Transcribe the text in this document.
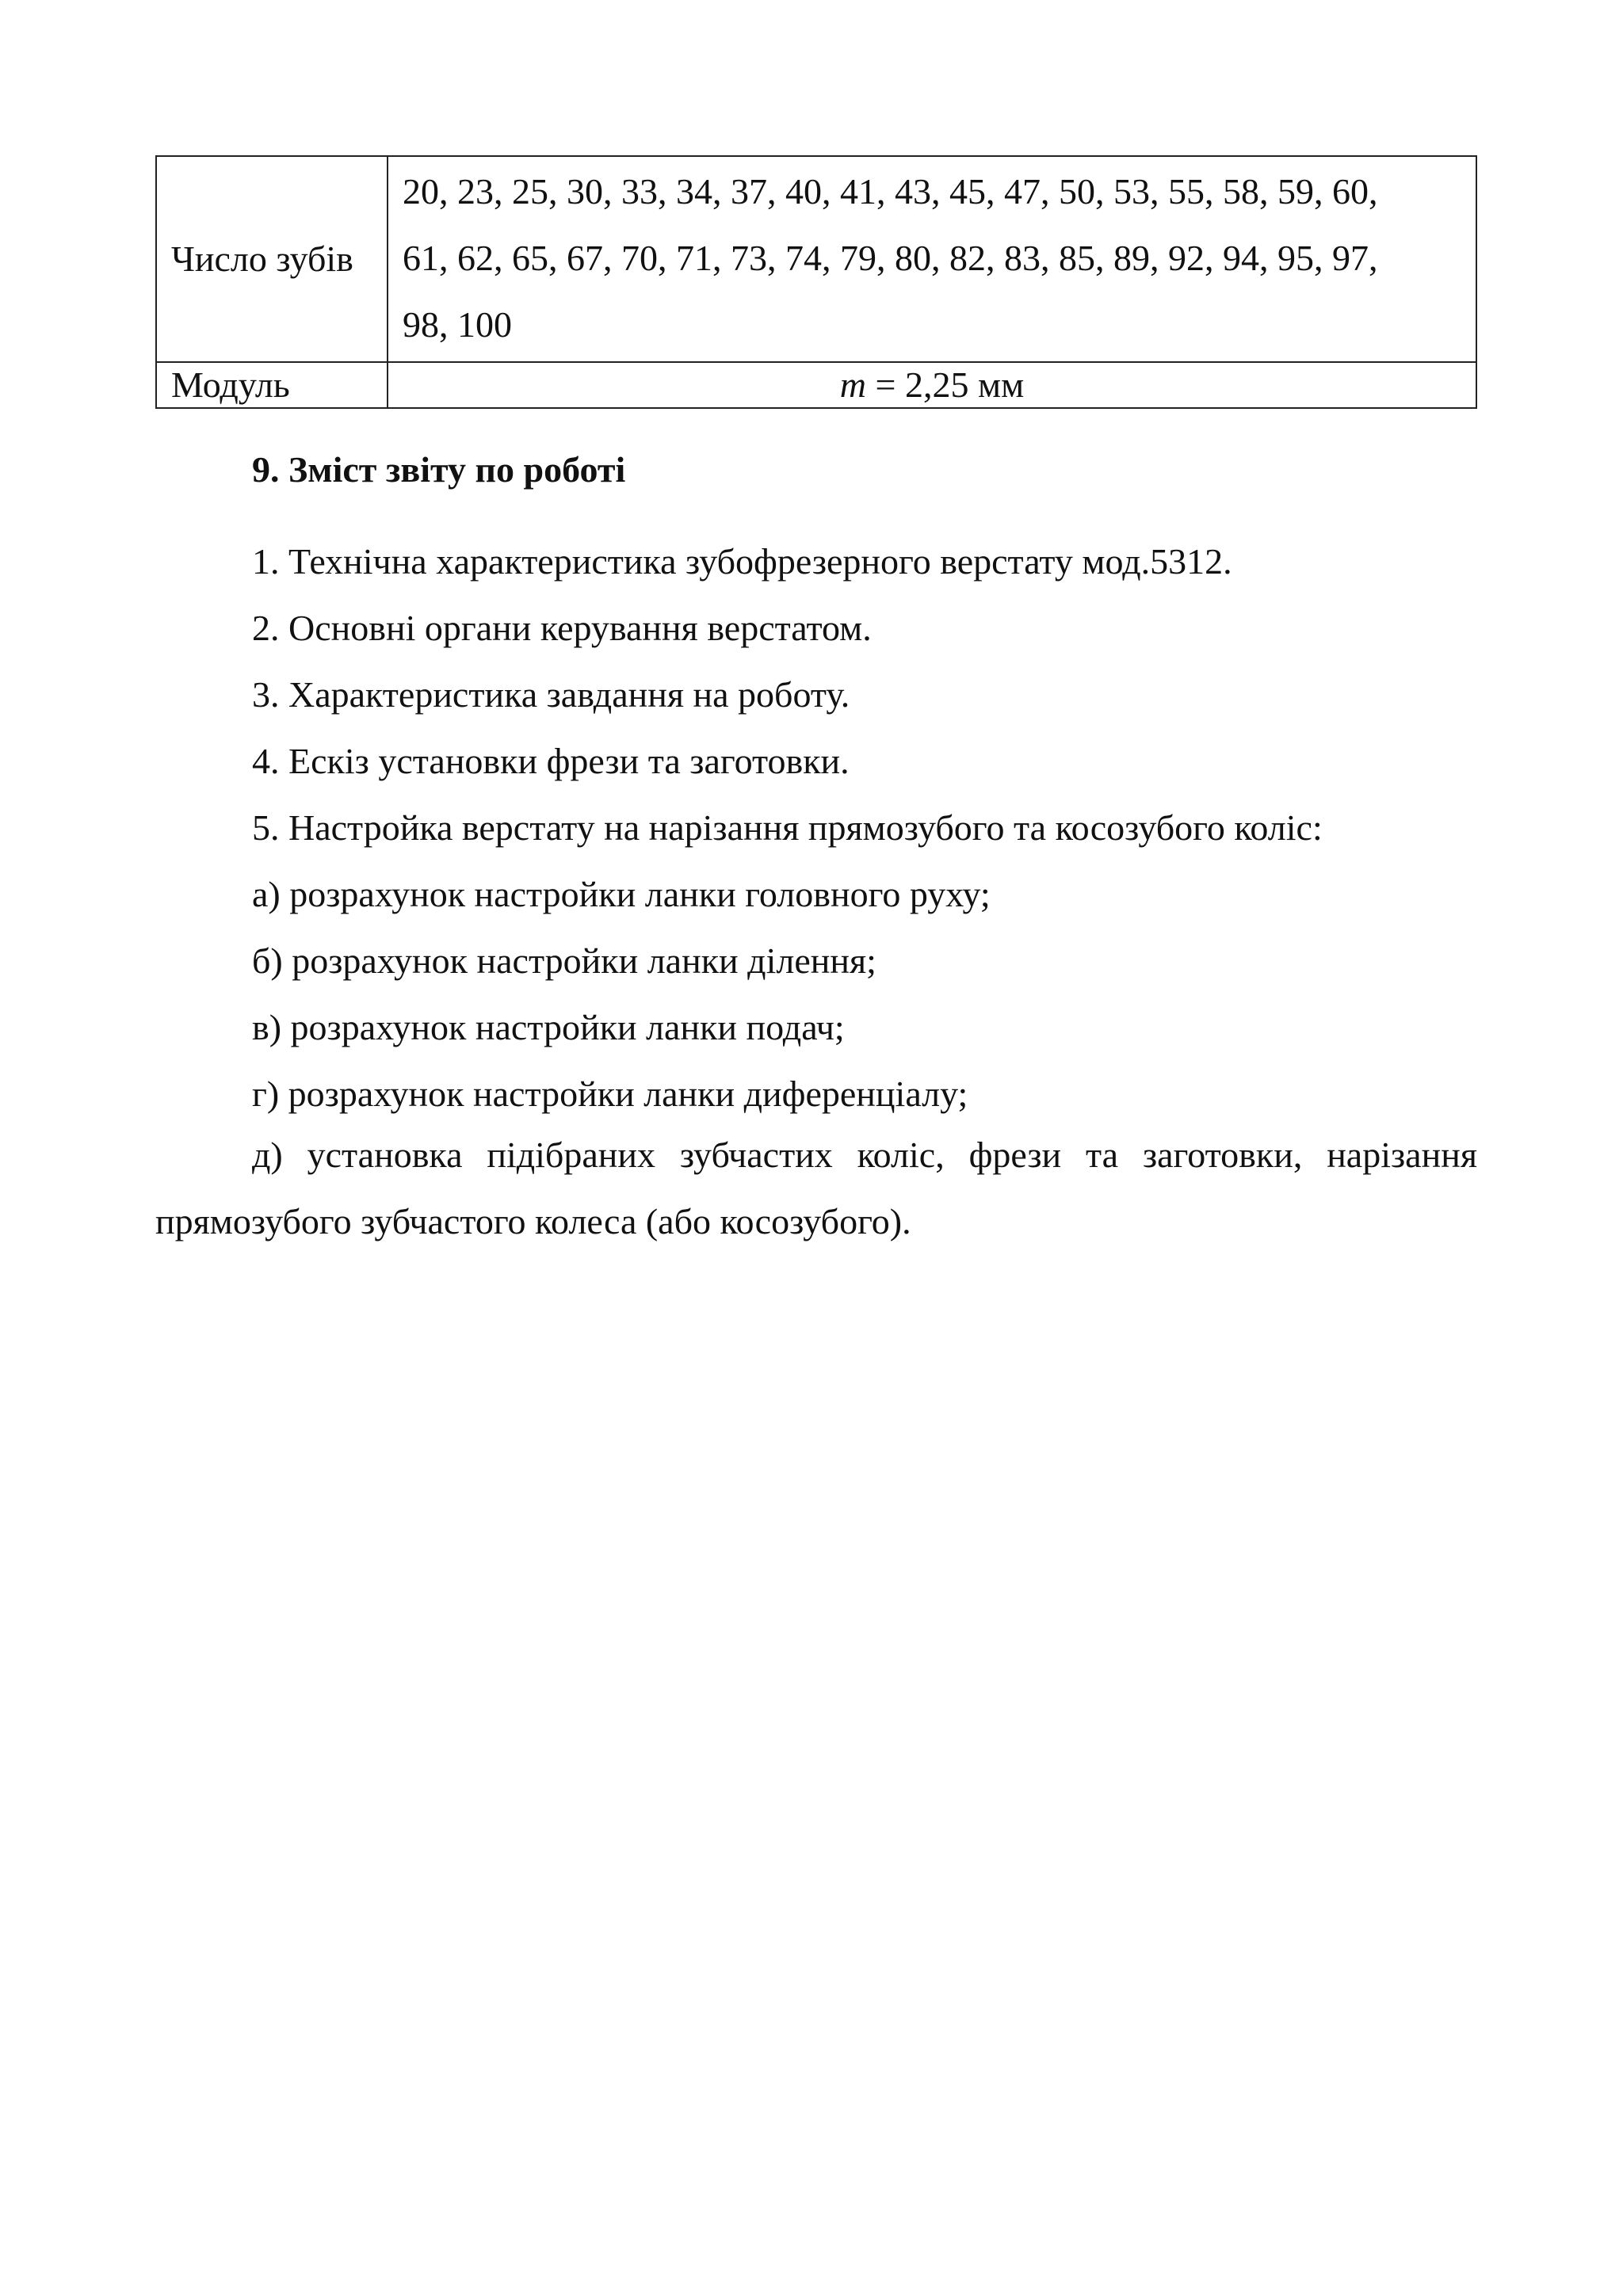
Число зубів	20, 23, 25, 30, 33, 34, 37, 40, 41, 43, 45, 47, 50, 53, 55, 58, 59, 60,
61, 62, 65, 67, 70, 71, 73, 74, 79, 80, 82, 83, 85, 89, 92, 94, 95, 97,
98, 100
Модуль	m = 2,25 мм
9. Зміст звіту по роботі

1. Технічна характеристика зубофрезерного верстату мод.5312.

2. Основні органи керування верстатом.

3. Характеристика завдання на роботу.

4. Ескіз установки фрези та заготовки.

5. Настройка верстату на нарізання прямозубого та косозубого коліс:

а) розрахунок настройки ланки головного руху;

б) розрахунок настройки ланки ділення;

в) розрахунок настройки ланки подач;

г) розрахунок настройки ланки диференціалу;

д) установка підібраних зубчастих коліс, фрези та заготовки, нарізання
прямозубого зубчастого колеса (або косозубого).
